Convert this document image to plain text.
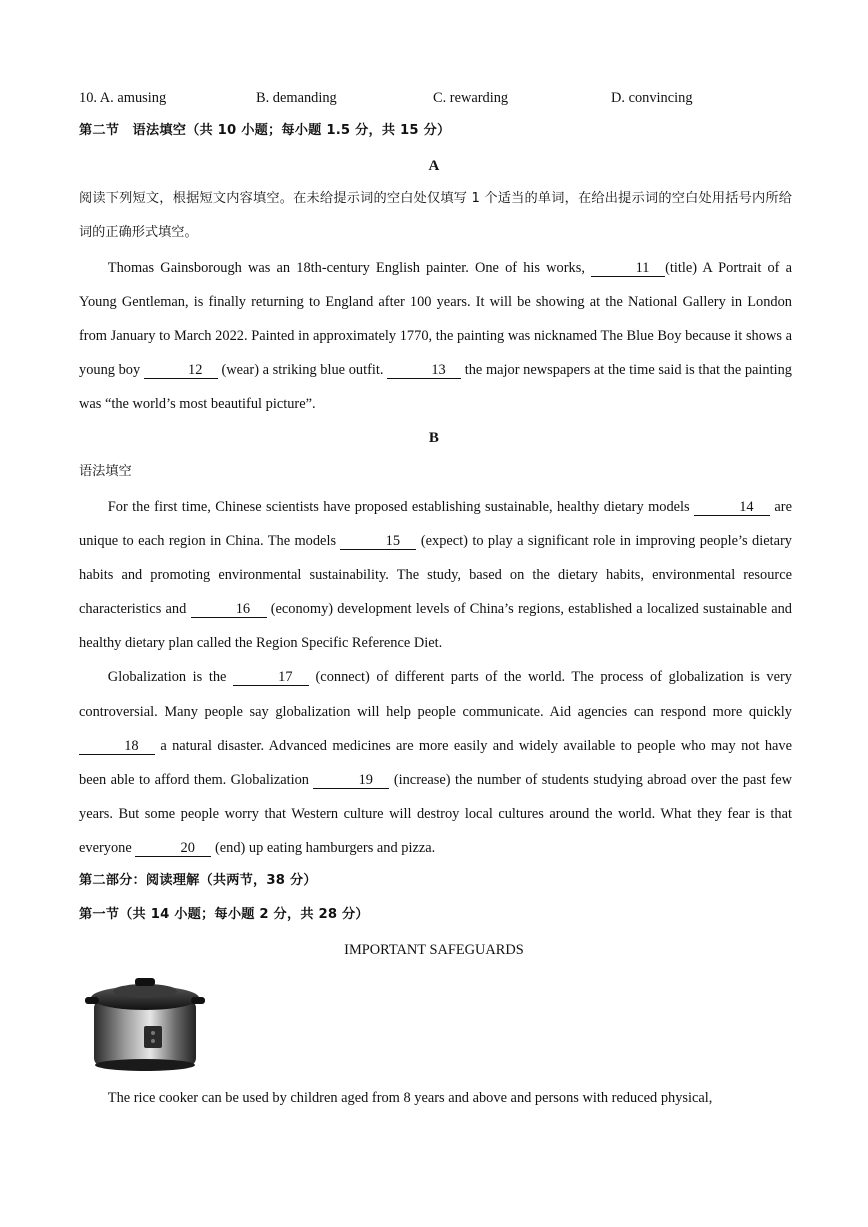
10. A. amusing	B. demanding	C. rewarding	D. convincing
第二节　语法填空（共 10 小题；每小题 1.5 分，共 15 分）
A
阅读下列短文，根据短文内容填空。在未给提示词的空白处仅填写 1 个适当的单词，在给出提示词的空白处用括号内所给词的正确形式填空。

Thomas Gainsborough was an 18th-century English painter. One of his works,	11 (title) A Portrait of a Young Gentleman, is finally returning to England after 100 years. It will be showing at the National Gallery in London from January to March 2022. Painted in approximately 1770, the painting was nicknamed The Blue Boy because it shows a young boy	12 (wear) a striking blue outfit.	13 the major newspapers at the time said is that the painting was “the world’s most beautiful picture”.

B
语法填空

For the first time, Chinese scientists have proposed establishing sustainable, healthy dietary models	14 are unique to each region in China. The models	15 (expect) to play a significant role in improving people’s dietary habits and promoting environmental sustainability. The study, based on the dietary habits, environmental resource characteristics and	16 (economy) development levels of China’s regions, established a localized sustainable and healthy dietary plan called the Region Specific Reference Diet.

Globalization is the	17 (connect) of different parts of the world. The process of globalization is very controversial. Many people say globalization will help people communicate. Aid agencies can respond more quickly 18 a natural disaster. Advanced medicines are more easily and widely available to people who may not have been able to afford them. Globalization	19 (increase) the number of students studying abroad over the past few years. But some people worry that Western culture will destroy local cultures around the world. What they fear is that everyone	20 (end) up eating hamburgers and pizza.

第二部分：阅读理解（共两节，38 分）
第一节（共 14 小题；每小题 2 分，共 28 分）
IMPORTANT SAFEGUARDS

The rice cooker can be used by children aged from 8 years and above and persons with reduced physical,
